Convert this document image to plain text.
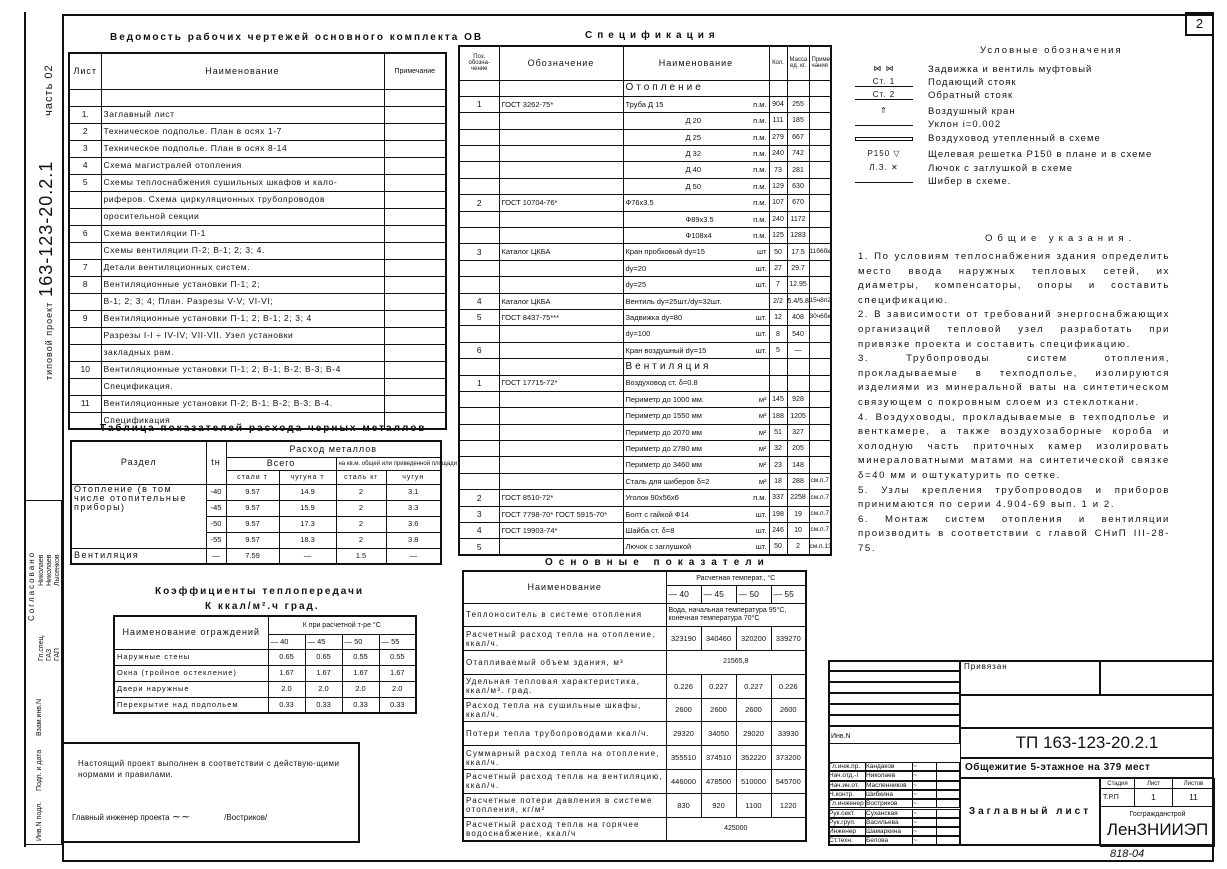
2
типовой проект 163-123-20.2.1 часть 02
Согласовано
Гл.спец.
Николаев
ГАЗ
Николаев
ГАП
Лысенков
Взам.инв.N
Подп. и дата
Инв.N подл.
Ведомость рабочих чертежей основного комплекта ОВ
Лист	Наименование	Примечание

1.	Заглавный лист	
2	Техническое подполье. План в осях 1-7	
3	Техническое подполье. План в осях 8-14	
4	Схема магистралей отопления	
5	Схемы теплоснабжения сушильных шкафов и кало-	
	риферов. Схема циркуляционных трубопроводов	
	оросительной секции	
6	Схема вентиляции П-1	
	Схемы вентиляции П-2; В-1; 2; 3; 4.	
7	Детали вентиляционных систем.	
8	Вентиляционные установки П-1; 2;	
	В-1; 2; 3; 4; План. Разрезы V-V; VI-VI;	
9	Вентиляционные установки П-1; 2; В-1; 2; 3; 4	
	Разрезы I-I ÷ IV-IV; VII-VII. Узел установки	
	закладных рам.	
10	Вентиляционные установки П-1; 2; В-1; В-2; В-3; В-4	
	Спецификация.	
11	Вентиляционные установки П-2; В-1; В-2; В-3; В-4.	
	Спецификация	
Таблица показателей расхода черных металлов
Раздел	tн	Расход металлов			
		Всего		на кв.м. общей или приведенной площади	
		стали т	чугуна т	сталь кг	чугун
Отопление (в том числе отопительные приборы)	-40	9.57	14.9	2	3.1
	-45	9.57	15.9	2	3.3
	-50	9.57	17.3	2	3.6
	-55	9.57	18.3	2	3.8
Вентиляция	—	7.59	—	1.5	—
Коэффициенты теплопередачи
К ккал/м².ч град.
Наименование ограждений	К при расчетной т-ре °С			
	— 40	— 45	— 50	— 55
Наружные стены	0.65	0.65	0.55	0.55
Окна (тройное остекление)	1.67	1.67	1.67	1.67
Двери наружные	2.0	2.0	2.0	2.0
Перекрытие над подпольем	0.33	0.33	0.33	0.33
Настоящий проект выполнен в соответствии с действую-щими нормами и правилами.
Главный инженер проекта ~~	/Востриков/
Спецификация
Поз. обозна-чение	Обозначение	Наименование	Кол.	Масса ед. кг.	Приме-чания
		Отопление			
1	ГОСТ 3262-75*	Труба Д 15 п.м.	904	255	

		Д 20 п.м.	111	185	

		Д 25 п.м.	279	667	

		Д 32 п.м.	240	742	

		Д 40 п.м.	73	281	

		Д 50 п.м.	129	630	
2	ГОСТ 10704-76*	Ф76х3.5 п.м.	107	670	

		Ф89х3.5 п.м.	240	1172	

		Ф108х4 п.м.	125	1283	
3	Каталог ЦКБА	Кран пробковый dy=15 шт	50	17.5	11б6бк

		dy=20 шт.	27	29.7	

		dy=25 шт.	7	12.95	
4	Каталог ЦКБА	Вентиль dy=25шт./dy=32шт.	2/2	5.4/5.8	15ч8п2
5	ГОСТ 8437-75***	Задвижка dy=80 шт.	12	408	30ч6бк

		dy=100 шт.	8	540	
6		Кран воздушный dy=15 шт.	5	—	
		Вентиляция			
1	ГОСТ 17715-72*	Воздуховод ст. δ=0.8			

		Периметр до 1000 мм. м²	145	928	

		Периметр до 1550 мм м²	188	1205	

		Периметр до 2070 мм м²	51	327	

		Периметр до 2780 мм м²	32	205	

		Периметр до 3460 мм м²	23	148	

		Сталь для шиберов δ=2 м²	18	288	см.п.7
2	ГОСТ 8510-72*	Уголок 90х56х6 п.м.	337	2258	см.п.7
3	ГОСТ 7798-70* ГОСТ 5915-70*	Болт с гайкой Ф14 шт.	198	19	см.п.7
4	ГОСТ 19903-74*	Шайба ст. δ=8 шт.	246	10	см.п.7
5		Лючок с заглушкой шт.	50	2	см.п.13
Основные показатели
Наименование	Расчетная температ., °С			
	— 40	— 45	— 50	— 55
Теплоноситель в системе отопления	Вода, начальная температура 95°С, конечная температура 70°С			
Расчетный расход тепла на отопление, ккал/ч.	323190	340460	320200	339270
Отапливаемый объем здания, м³	21565,8			
Удельная тепловая характеристика, ккал/м³. град.	0.226	0.227	0.227	0.226
Расход тепла на сушильные шкафы, ккал/ч.	2600	2600	2600	2600
Потери тепла трубопроводами ккал/ч.	29320	34050	29020	33930
Суммарный расход тепла на отопление, ккал/ч.	355510	374510	352220	373200
Расчетный расход тепла на вентиляцию, ккал/ч.	446000	478500	510000	545700
Расчетные потери давления в системе отопления, кг/м²	830	920	1100	1220
Расчетный расход тепла на горячее водоснабжение, ккал/ч	425000			
Условные обозначения
⋈ ⋈	Задвижка и вентиль муфтовый
Ст. 1	Подающий стояк
Ст. 2	Обратный стояк
⇑	Воздушный кран
Уклон i=0.002
Воздуховод утепленный в схеме
Р150 ▽	Щелевая решетка Р150 в плане и в схеме
Л.З. ✕	Лючок с заглушкой в схеме
Шибер в схеме.
Общие указания.

1. По условиям теплоснабжения здания определить место ввода наружных тепловых сетей, их диаметры, компенсаторы, опоры и составить спецификацию.

2. В зависимости от требований энергоснабжающих организаций тепловой узел разработать при привязке проекта и составить спецификацию.

3. Трубопроводы систем отопления, прокладываемые в техподполье, изолируются изделиями из минеральной ваты на синтетическом связующем с покровным слоем из стеклоткани.

4. Воздуховоды, прокладываемые в техподполье и венткамере, а также воздухозаборные короба и холодную часть приточных камер изолировать минераловатными матами на синтетической связке δ=40 мм и оштукатурить по сетке.

5. Узлы крепления трубопроводов и приборов принимаются по серии 4.904-69 вып. 1 и 2.

6. Монтаж систем отопления и вентиляции производить в соответствии с главой СНиП III-28-75.

Инв.N
Гл.инж.пр. Кандаков	~
Нач.отд.-I	Николаев	~
Нач.ин.от.	Масленников ~
Н.контр.	Шибкина	~
Гл.инженер Востриков	~
Рук.сект.	Суханская	~
Рук.груп.	Васильева	~
Инженер	Шамаркина	~
Ст.техн.	Белова	~
Привязан
ТП 163-123-20.2.1
Общежитие 5-этажное на 379 мест
Заглавный лист
Стадия	Лист	Листов
Т.Р.П	1	11

Госгражданстрой
ЛенЗНИИЭП		
818-04
